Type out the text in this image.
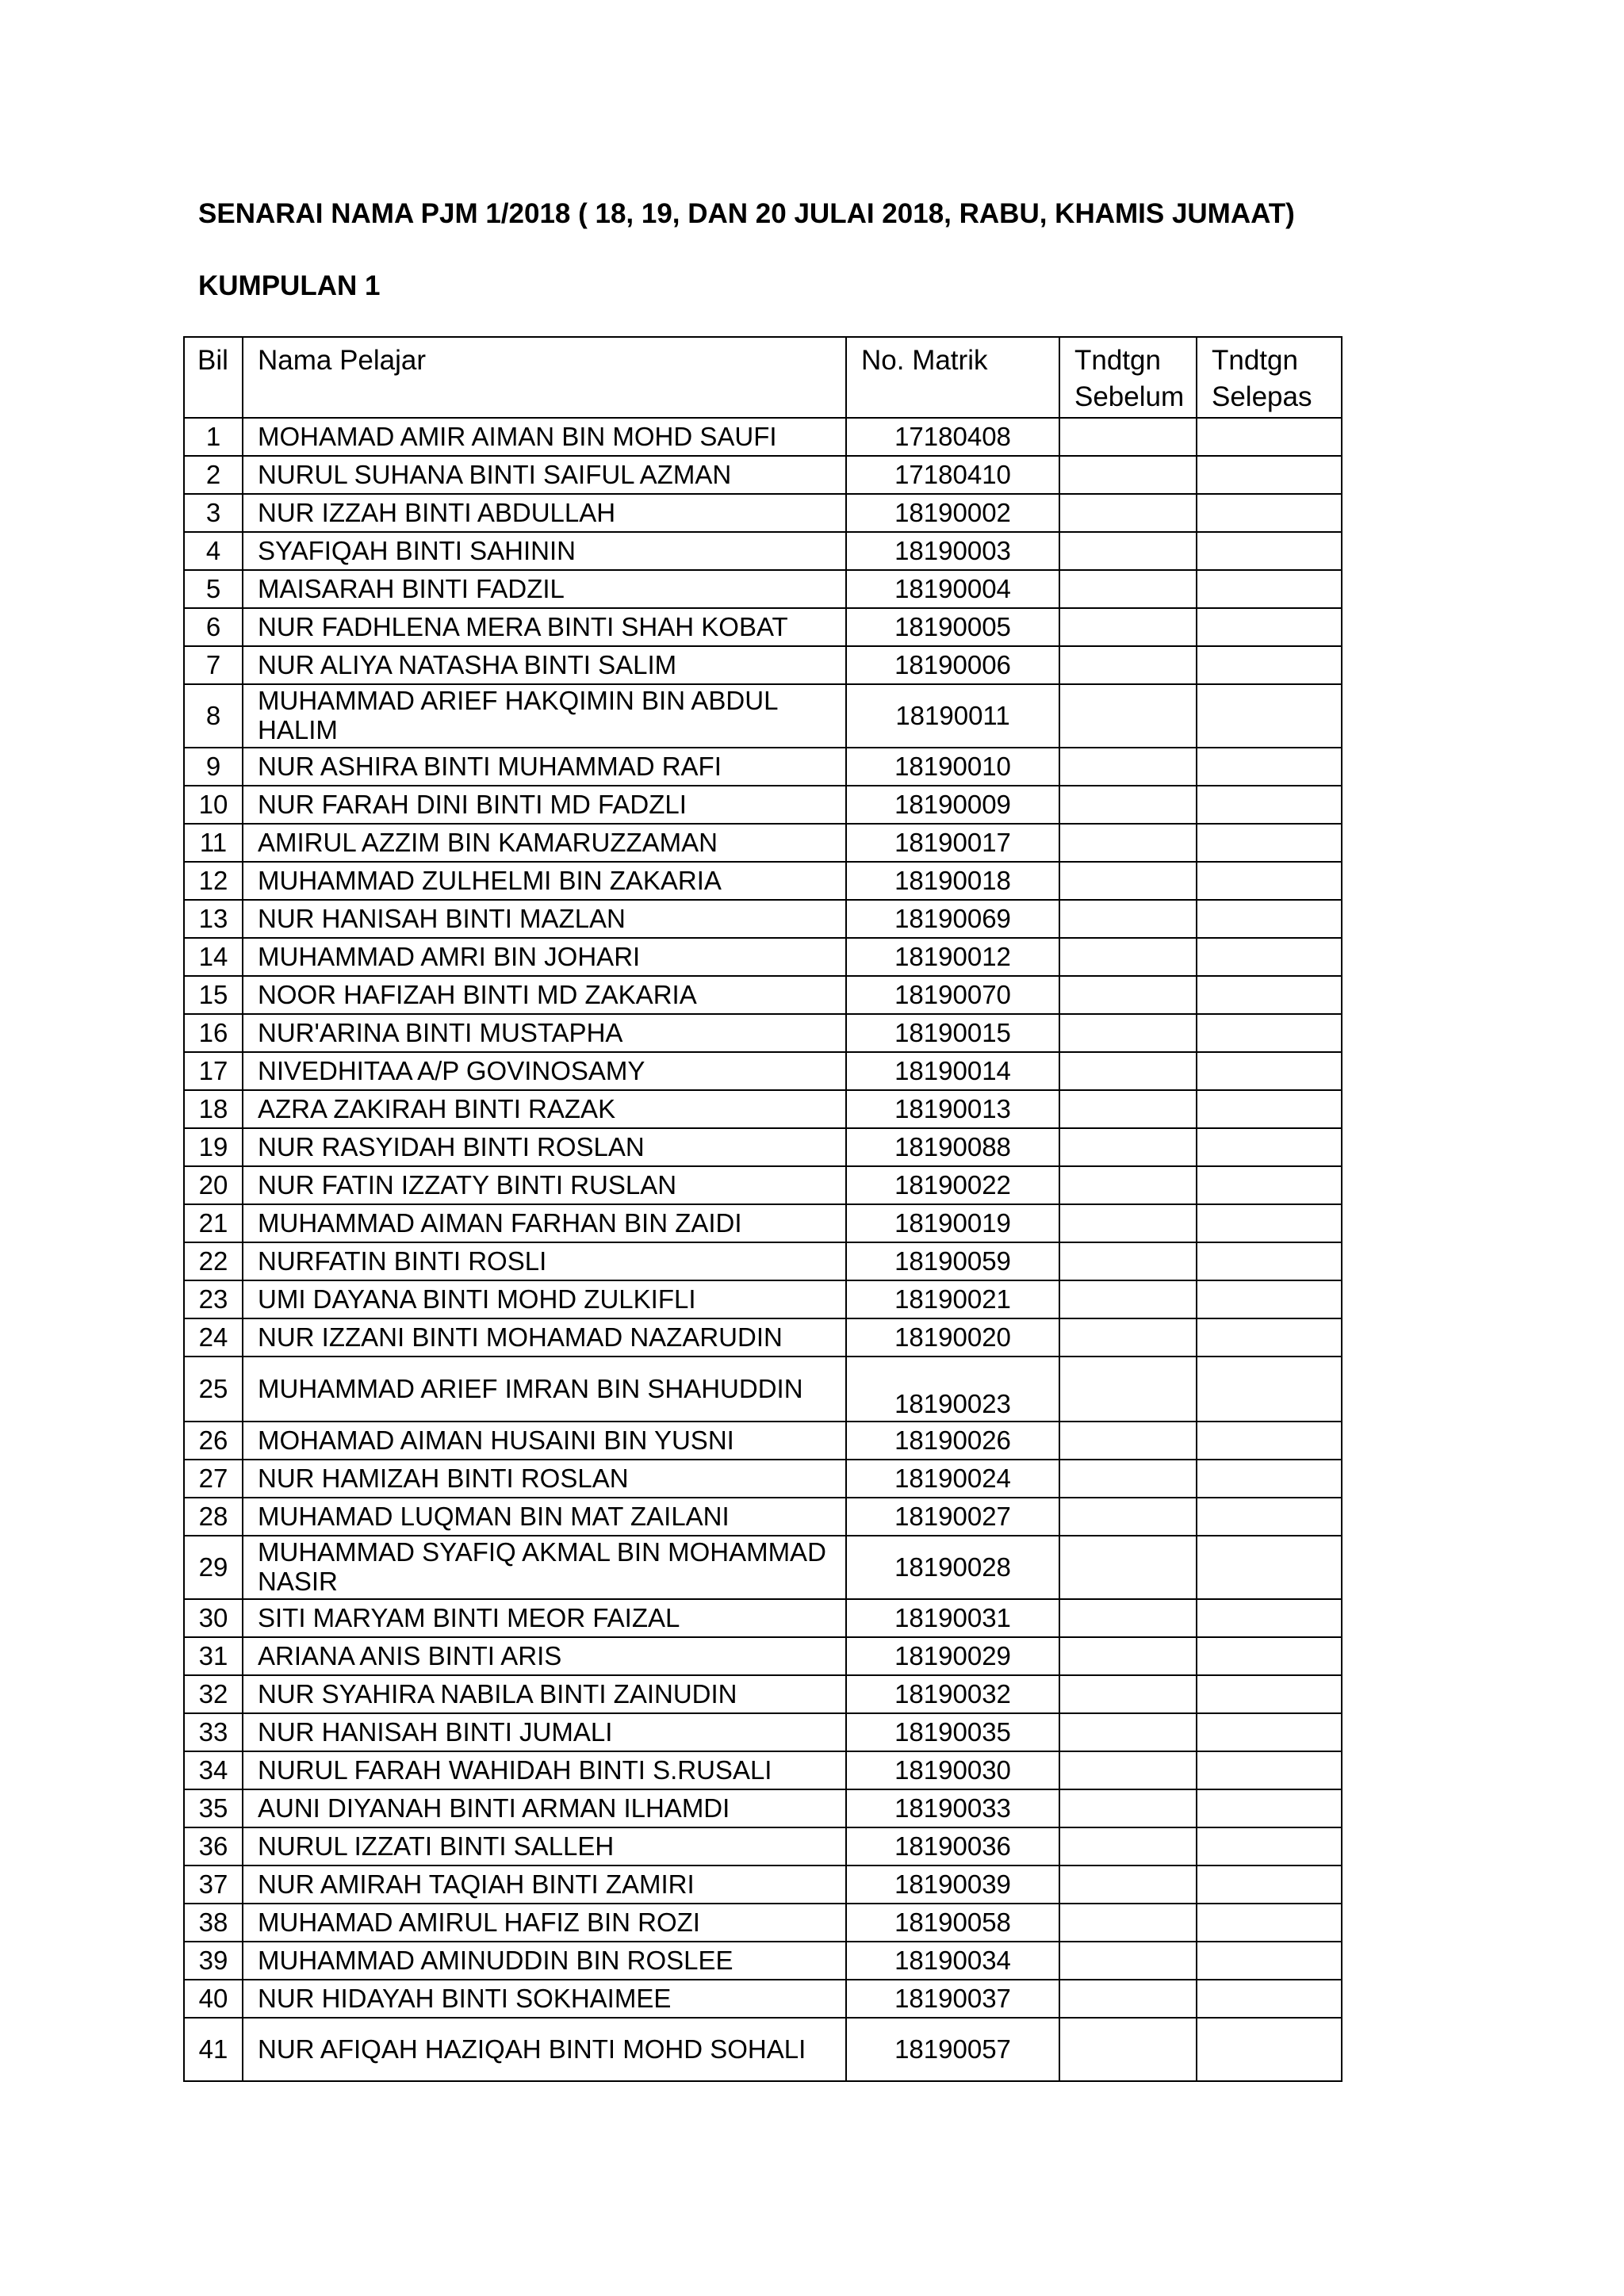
SENARAI NAMA PJM 1/2018 ( 18, 19, DAN 20 JULAI 2018, RABU, KHAMIS JUMAAT)
KUMPULAN 1
Bil	Nama Pelajar	No. Matrik	Tndtgn Sebelum	Tndtgn Selepas
1	MOHAMAD AMIR AIMAN BIN MOHD SAUFI	17180408		
2	NURUL SUHANA BINTI SAIFUL AZMAN	17180410		
3	NUR IZZAH BINTI ABDULLAH	18190002		
4	SYAFIQAH BINTI SAHININ	18190003		
5	MAISARAH BINTI FADZIL	18190004		
6	NUR FADHLENA MERA BINTI SHAH KOBAT	18190005		
7	NUR ALIYA NATASHA BINTI SALIM	18190006		
8	MUHAMMAD ARIEF HAKQIMIN BIN ABDUL HALIM	18190011		
9	NUR ASHIRA BINTI MUHAMMAD RAFI	18190010		
10	NUR FARAH DINI BINTI MD FADZLI	18190009		
11	AMIRUL AZZIM BIN KAMARUZZAMAN	18190017		
12	MUHAMMAD ZULHELMI BIN ZAKARIA	18190018		
13	NUR HANISAH BINTI MAZLAN	18190069		
14	MUHAMMAD AMRI BIN JOHARI	18190012		
15	NOOR HAFIZAH BINTI MD ZAKARIA	18190070		
16	NUR'ARINA BINTI MUSTAPHA	18190015		
17	NIVEDHITAA A/P GOVINOSAMY	18190014		
18	AZRA ZAKIRAH BINTI RAZAK	18190013		
19	NUR RASYIDAH BINTI ROSLAN	18190088		
20	NUR FATIN IZZATY BINTI RUSLAN	18190022		
21	MUHAMMAD AIMAN FARHAN BIN ZAIDI	18190019		
22	NURFATIN BINTI ROSLI	18190059		
23	UMI DAYANA BINTI MOHD ZULKIFLI	18190021		
24	NUR IZZANI BINTI MOHAMAD NAZARUDIN	18190020		
25	MUHAMMAD ARIEF IMRAN BIN SHAHUDDIN	18190023		
26	MOHAMAD AIMAN HUSAINI BIN YUSNI	18190026		
27	NUR HAMIZAH BINTI ROSLAN	18190024		
28	MUHAMAD LUQMAN BIN MAT ZAILANI	18190027		
29	MUHAMMAD SYAFIQ AKMAL BIN MOHAMMAD NASIR	18190028		
30	SITI MARYAM BINTI MEOR FAIZAL	18190031		
31	ARIANA ANIS BINTI ARIS	18190029		
32	NUR SYAHIRA NABILA BINTI ZAINUDIN	18190032		
33	NUR HANISAH BINTI JUMALI	18190035		
34	NURUL FARAH WAHIDAH BINTI S.RUSALI	18190030		
35	AUNI DIYANAH BINTI ARMAN ILHAMDI	18190033		
36	NURUL IZZATI BINTI SALLEH	18190036		
37	NUR AMIRAH TAQIAH BINTI ZAMIRI	18190039		
38	MUHAMAD AMIRUL HAFIZ BIN ROZI	18190058		
39	MUHAMMAD AMINUDDIN BIN ROSLEE	18190034		
40	NUR HIDAYAH BINTI SOKHAIMEE	18190037		
41	NUR AFIQAH HAZIQAH BINTI MOHD SOHALI	18190057		
